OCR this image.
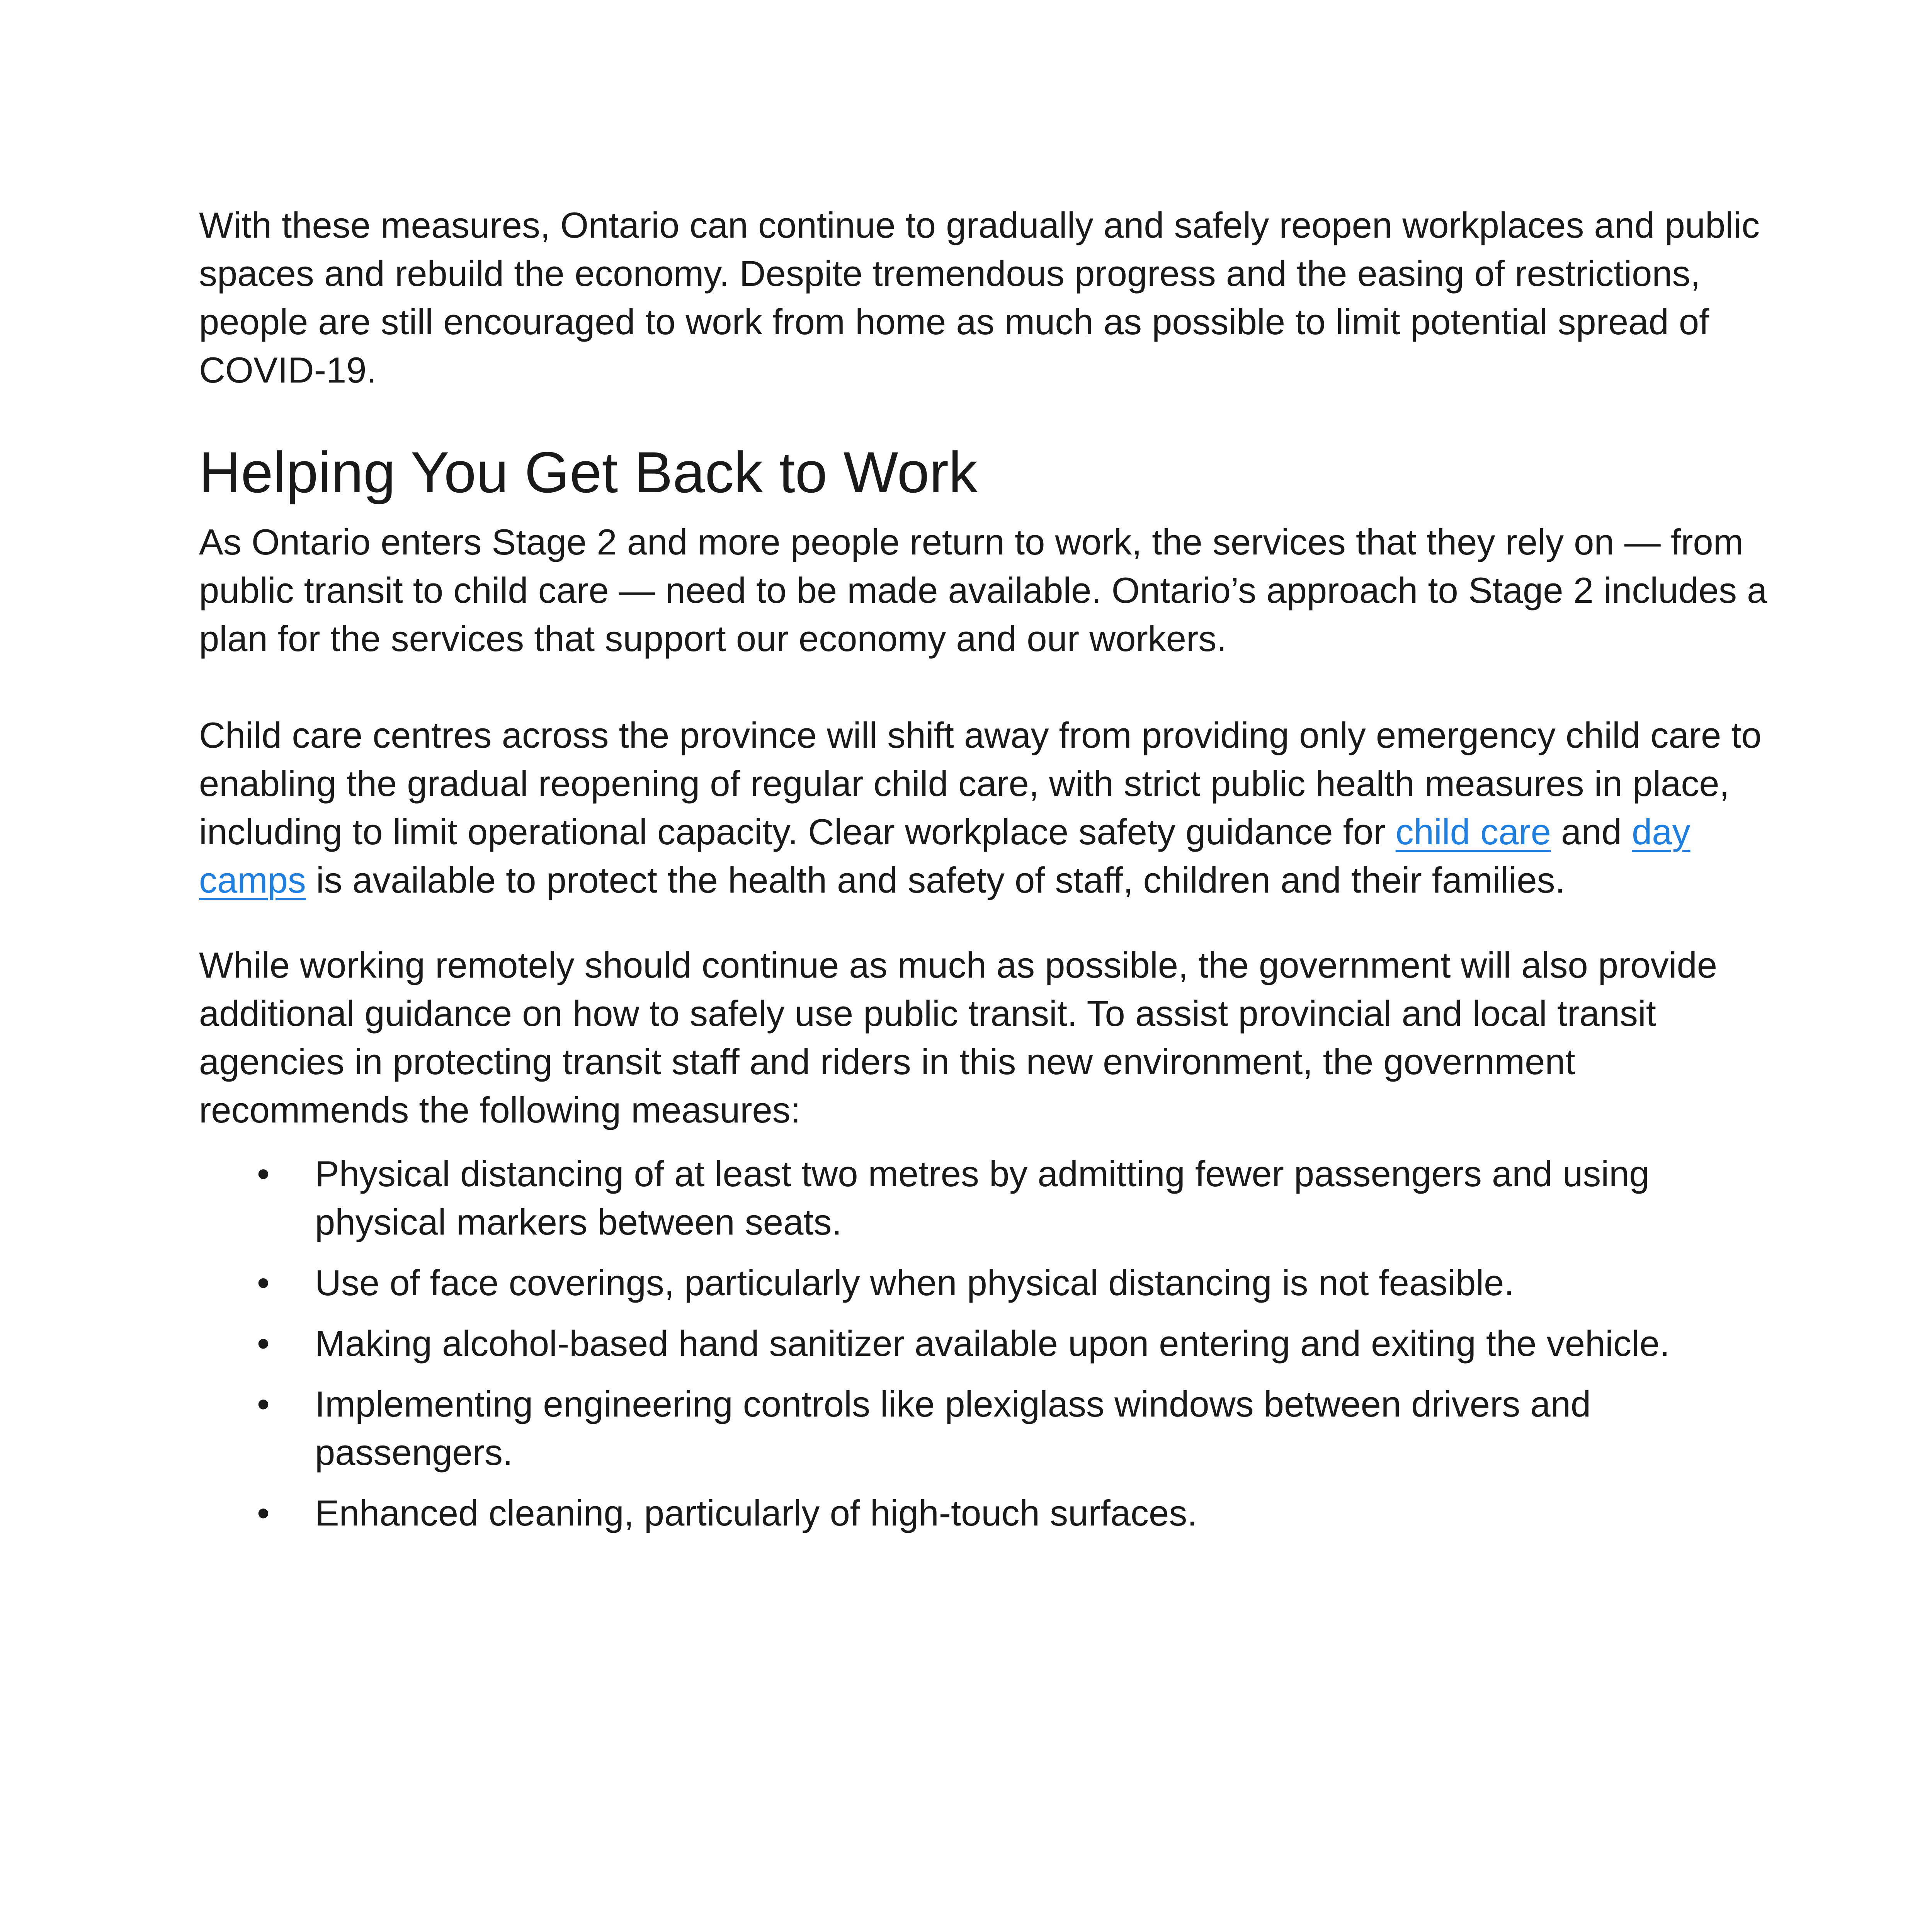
With these measures, Ontario can continue to gradually and safely reopen workplaces and public spaces and rebuild the economy. Despite tremendous progress and the easing of restrictions, people are still encouraged to work from home as much as possible to limit potential spread of COVID-19.

Helping You Get Back to Work

As Ontario enters Stage 2 and more people return to work, the services that they rely on — from public transit to child care — need to be made available. Ontario’s approach to Stage 2 includes a plan for the services that support our economy and our workers.

Child care centres across the province will shift away from providing only emergency child care to enabling the gradual reopening of regular child care, with strict public health measures in place, including to limit operational capacity. Clear workplace safety guidance for child care and day camps is available to protect the health and safety of staff, children and their families.

While working remotely should continue as much as possible, the government will also provide additional guidance on how to safely use public transit. To assist provincial and local transit agencies in protecting transit staff and riders in this new environment, the government recommends the following measures:

• Physical distancing of at least two metres by admitting fewer passengers and using physical markers between seats.
• Use of face coverings, particularly when physical distancing is not feasible.
• Making alcohol-based hand sanitizer available upon entering and exiting the vehicle.
• Implementing engineering controls like plexiglass windows between drivers and passengers.
• Enhanced cleaning, particularly of high-touch surfaces.
